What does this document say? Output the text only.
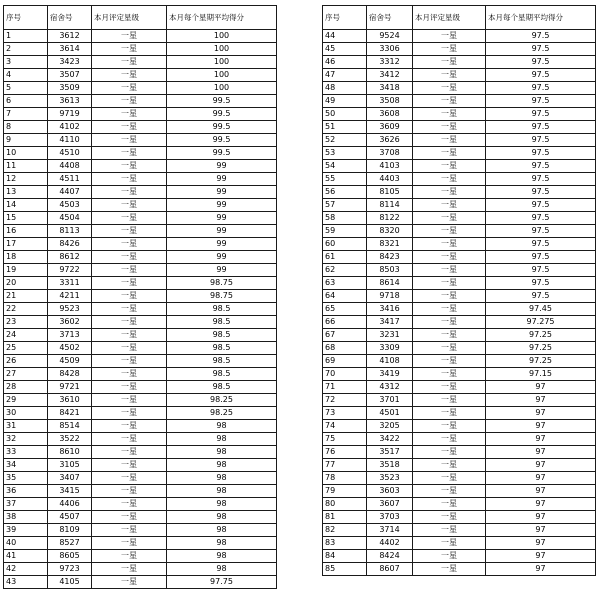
序号	宿舍号	本月评定星级	本月每个星期平均得分
1	3612	一星	100
2	3614	一星	100
3	3423	一星	100
4	3507	一星	100
5	3509	一星	100
6	3613	一星	99.5
7	9719	一星	99.5
8	4102	一星	99.5
9	4110	一星	99.5
10	4510	一星	99.5
11	4408	一星	99
12	4511	一星	99
13	4407	一星	99
14	4503	一星	99
15	4504	一星	99
16	8113	一星	99
17	8426	一星	99
18	8612	一星	99
19	9722	一星	99
20	3311	一星	98.75
21	4211	一星	98.75
22	9523	一星	98.5
23	3602	一星	98.5
24	3713	一星	98.5
25	4502	一星	98.5
26	4509	一星	98.5
27	8428	一星	98.5
28	9721	一星	98.5
29	3610	一星	98.25
30	8421	一星	98.25
31	8514	一星	98
32	3522	一星	98
33	8610	一星	98
34	3105	一星	98
35	3407	一星	98
36	3415	一星	98
37	4406	一星	98
38	4507	一星	98
39	8109	一星	98
40	8527	一星	98
41	8605	一星	98
42	9723	一星	98
43	4105	一星	97.75
序号	宿舍号	本月评定星级	本月每个星期平均得分
44	9524	一星	97.5
45	3306	一星	97.5
46	3312	一星	97.5
47	3412	一星	97.5
48	3418	一星	97.5
49	3508	一星	97.5
50	3608	一星	97.5
51	3609	一星	97.5
52	3626	一星	97.5
53	3708	一星	97.5
54	4103	一星	97.5
55	4403	一星	97.5
56	8105	一星	97.5
57	8114	一星	97.5
58	8122	一星	97.5
59	8320	一星	97.5
60	8321	一星	97.5
61	8423	一星	97.5
62	8503	一星	97.5
63	8614	一星	97.5
64	9718	一星	97.5
65	3416	一星	97.45
66	3417	一星	97.275
67	3231	一星	97.25
68	3309	一星	97.25
69	4108	一星	97.25
70	3419	一星	97.15
71	4312	一星	97
72	3701	一星	97
73	4501	一星	97
74	3205	一星	97
75	3422	一星	97
76	3517	一星	97
77	3518	一星	97
78	3523	一星	97
79	3603	一星	97
80	3607	一星	97
81	3703	一星	97
82	3714	一星	97
83	4402	一星	97
84	8424	一星	97
85	8607	一星	97
